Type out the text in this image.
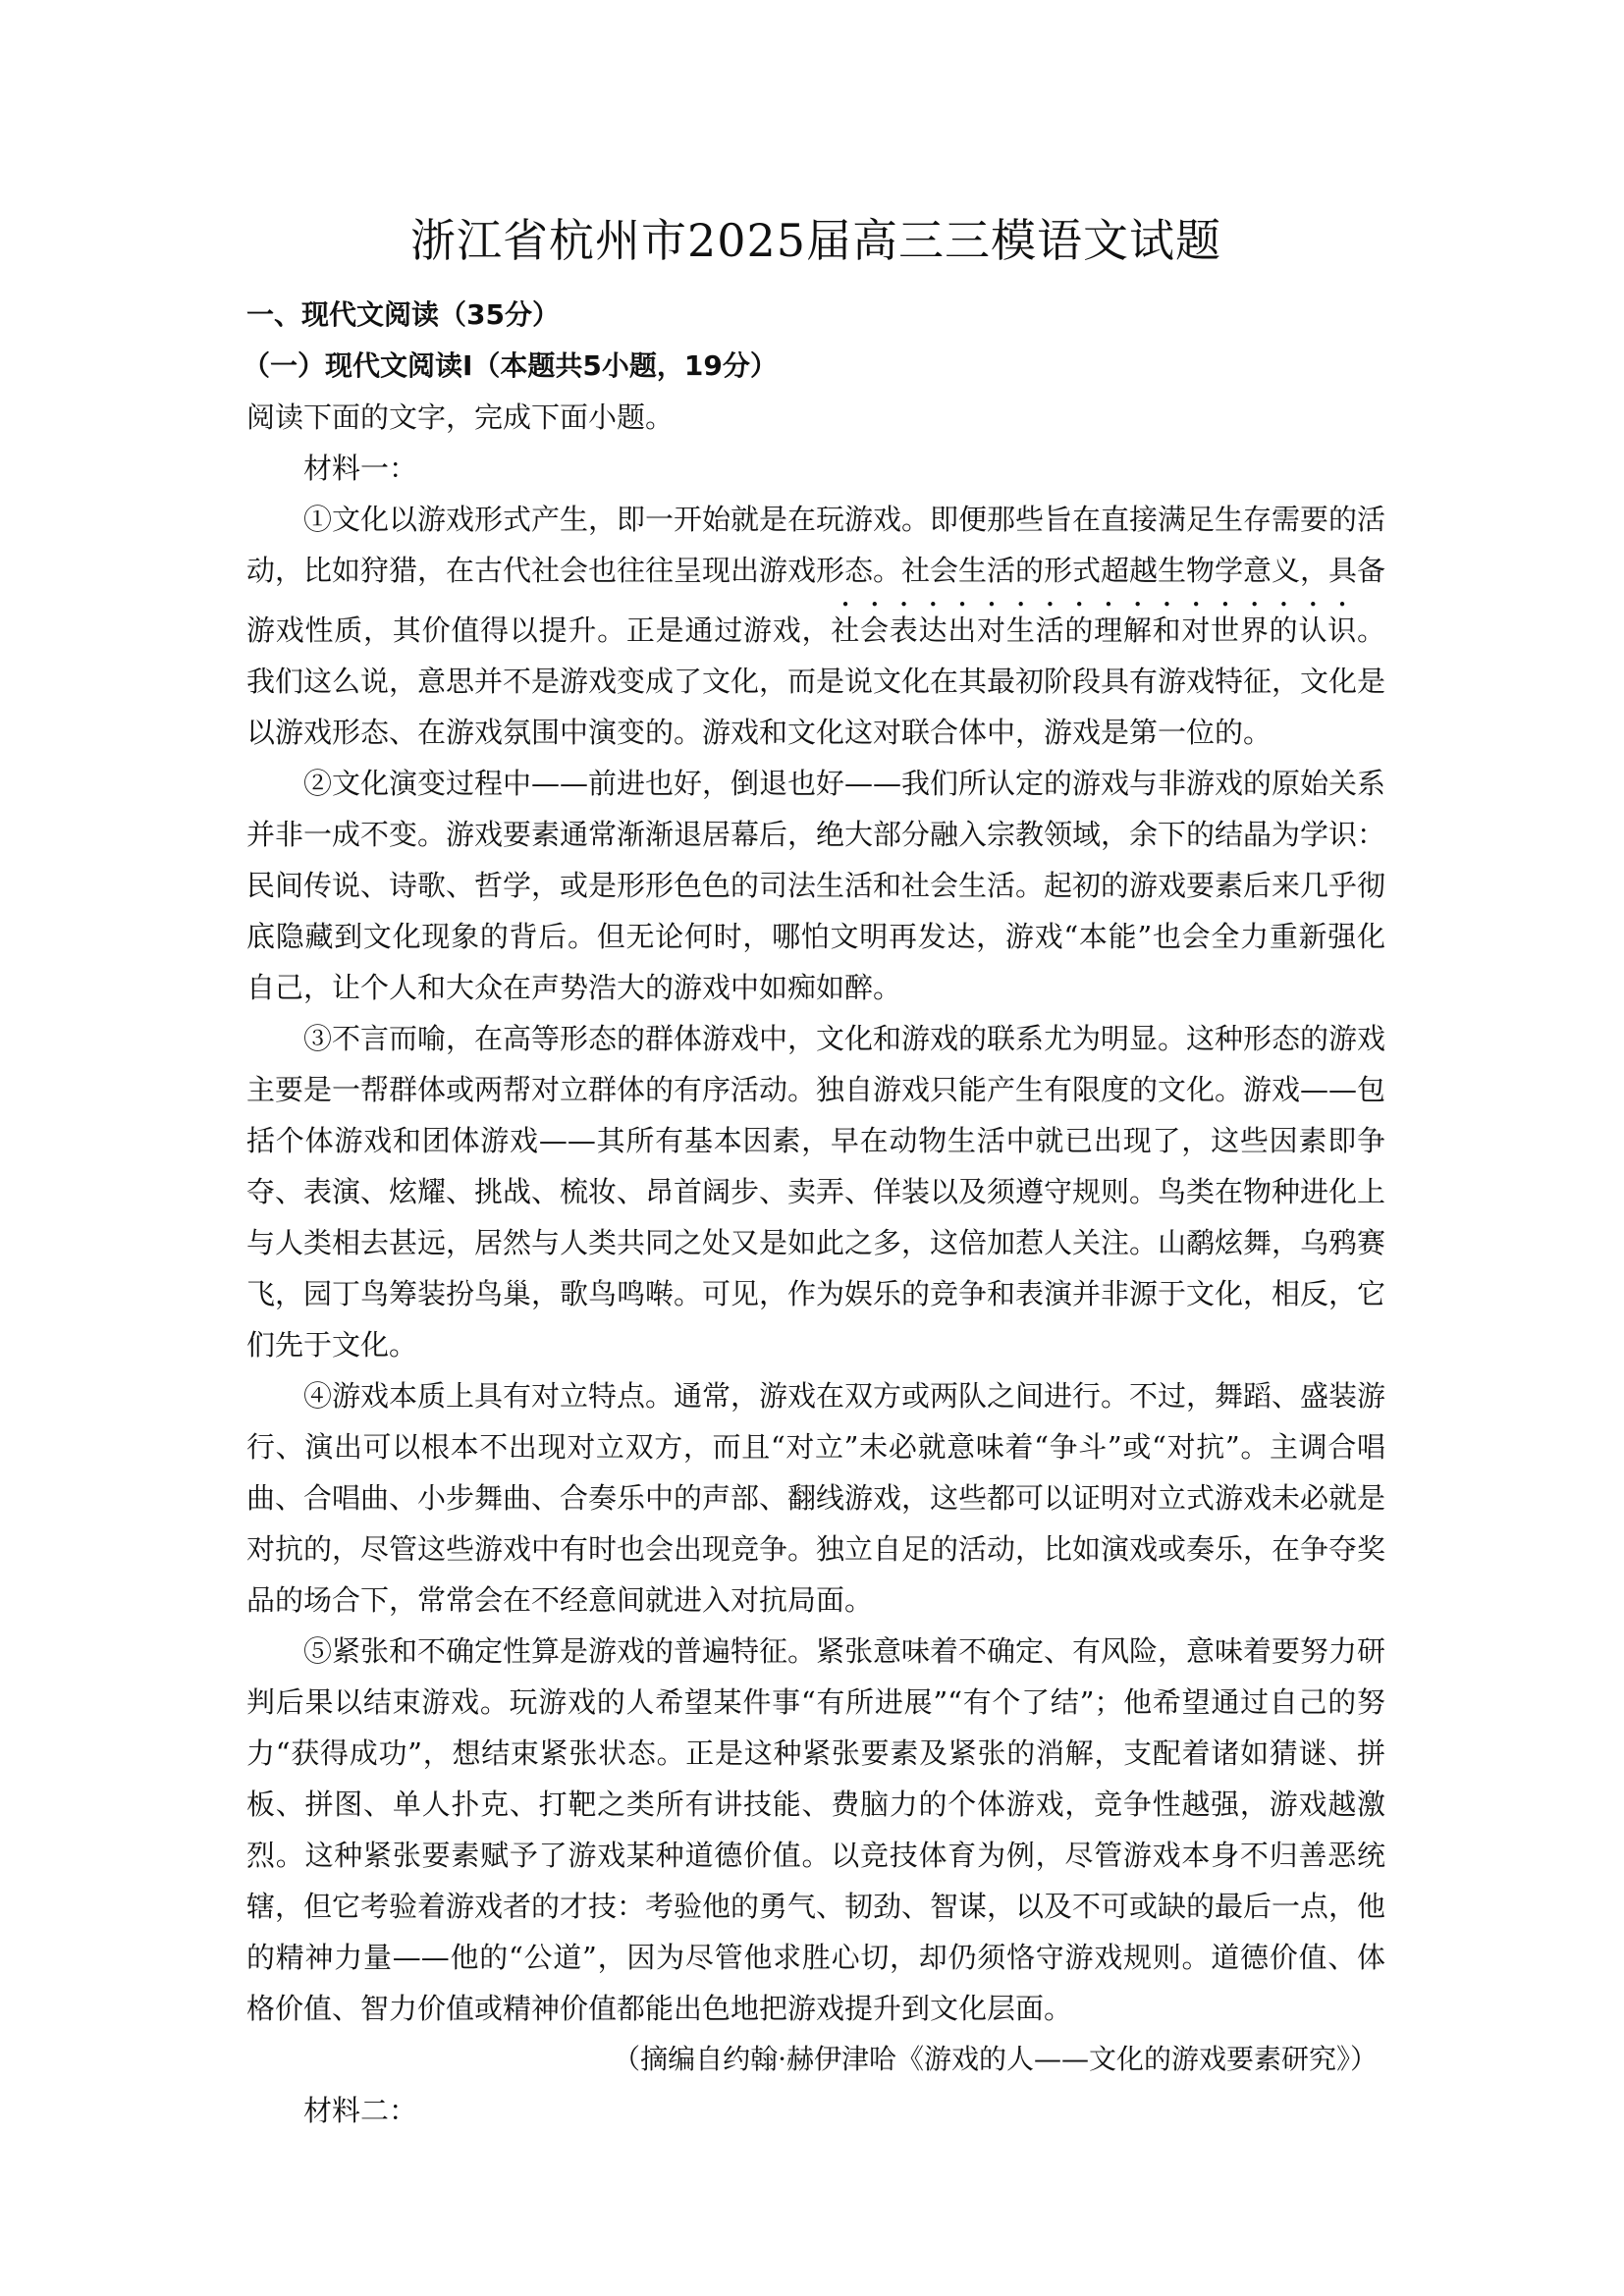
浙江省杭州市2025届高三三模语文试题

一、现代文阅读（35分）

（一）现代文阅读Ⅰ（本题共5小题，19分）

阅读下面的文字，完成下面小题。

材料一：

①文化以游戏形式产生，即一开始就是在玩游戏。即便那些旨在直接满足生存需要的活动，比如狩猎，在古代社会也往往呈现出游戏形态。社会生活的形式超越生物学意义，具备游戏性质，其价值得以提升。正是通过游戏，社会表达出对生活的理解和对世界的认识。我们这么说，意思并不是游戏变成了文化，而是说文化在其最初阶段具有游戏特征，文化是以游戏形态、在游戏氛围中演变的。游戏和文化这对联合体中，游戏是第一位的。

②文化演变过程中——前进也好，倒退也好——我们所认定的游戏与非游戏的原始关系并非一成不变。游戏要素通常渐渐退居幕后，绝大部分融入宗教领域，余下的结晶为学识：民间传说、诗歌、哲学，或是形形色色的司法生活和社会生活。起初的游戏要素后来几乎彻底隐藏到文化现象的背后。但无论何时，哪怕文明再发达，游戏“本能”也会全力重新强化自己，让个人和大众在声势浩大的游戏中如痴如醉。

③不言而喻，在高等形态的群体游戏中，文化和游戏的联系尤为明显。这种形态的游戏主要是一帮群体或两帮对立群体的有序活动。独自游戏只能产生有限度的文化。游戏——包括个体游戏和团体游戏——其所有基本因素，早在动物生活中就已出现了，这些因素即争夺、表演、炫耀、挑战、梳妆、昂首阔步、卖弄、佯装以及须遵守规则。鸟类在物种进化上与人类相去甚远，居然与人类共同之处又是如此之多，这倍加惹人关注。山鹬炫舞，乌鸦赛飞，园丁鸟筹装扮鸟巢，歌鸟鸣啭。可见，作为娱乐的竞争和表演并非源于文化，相反，它们先于文化。

④游戏本质上具有对立特点。通常，游戏在双方或两队之间进行。不过，舞蹈、盛装游行、演出可以根本不出现对立双方，而且“对立”未必就意味着“争斗”或“对抗”。主调合唱曲、合唱曲、小步舞曲、合奏乐中的声部、翻线游戏，这些都可以证明对立式游戏未必就是对抗的，尽管这些游戏中有时也会出现竞争。独立自足的活动，比如演戏或奏乐，在争夺奖品的场合下，常常会在不经意间就进入对抗局面。

⑤紧张和不确定性算是游戏的普遍特征。紧张意味着不确定、有风险，意味着要努力研判后果以结束游戏。玩游戏的人希望某件事“有所进展”“有个了结”；他希望通过自己的努力“获得成功”，想结束紧张状态。正是这种紧张要素及紧张的消解，支配着诸如猜谜、拼板、拼图、单人扑克、打靶之类所有讲技能、费脑力的个体游戏，竞争性越强，游戏越激烈。这种紧张要素赋予了游戏某种道德价值。以竞技体育为例，尽管游戏本身不归善恶统辖，但它考验着游戏者的才技：考验他的勇气、韧劲、智谋，以及不可或缺的最后一点，他的精神力量——他的“公道”，因为尽管他求胜心切，却仍须恪守游戏规则。道德价值、体格价值、智力价值或精神价值都能出色地把游戏提升到文化层面。

（摘编自约翰·赫伊津哈《游戏的人——文化的游戏要素研究》）

材料二：
